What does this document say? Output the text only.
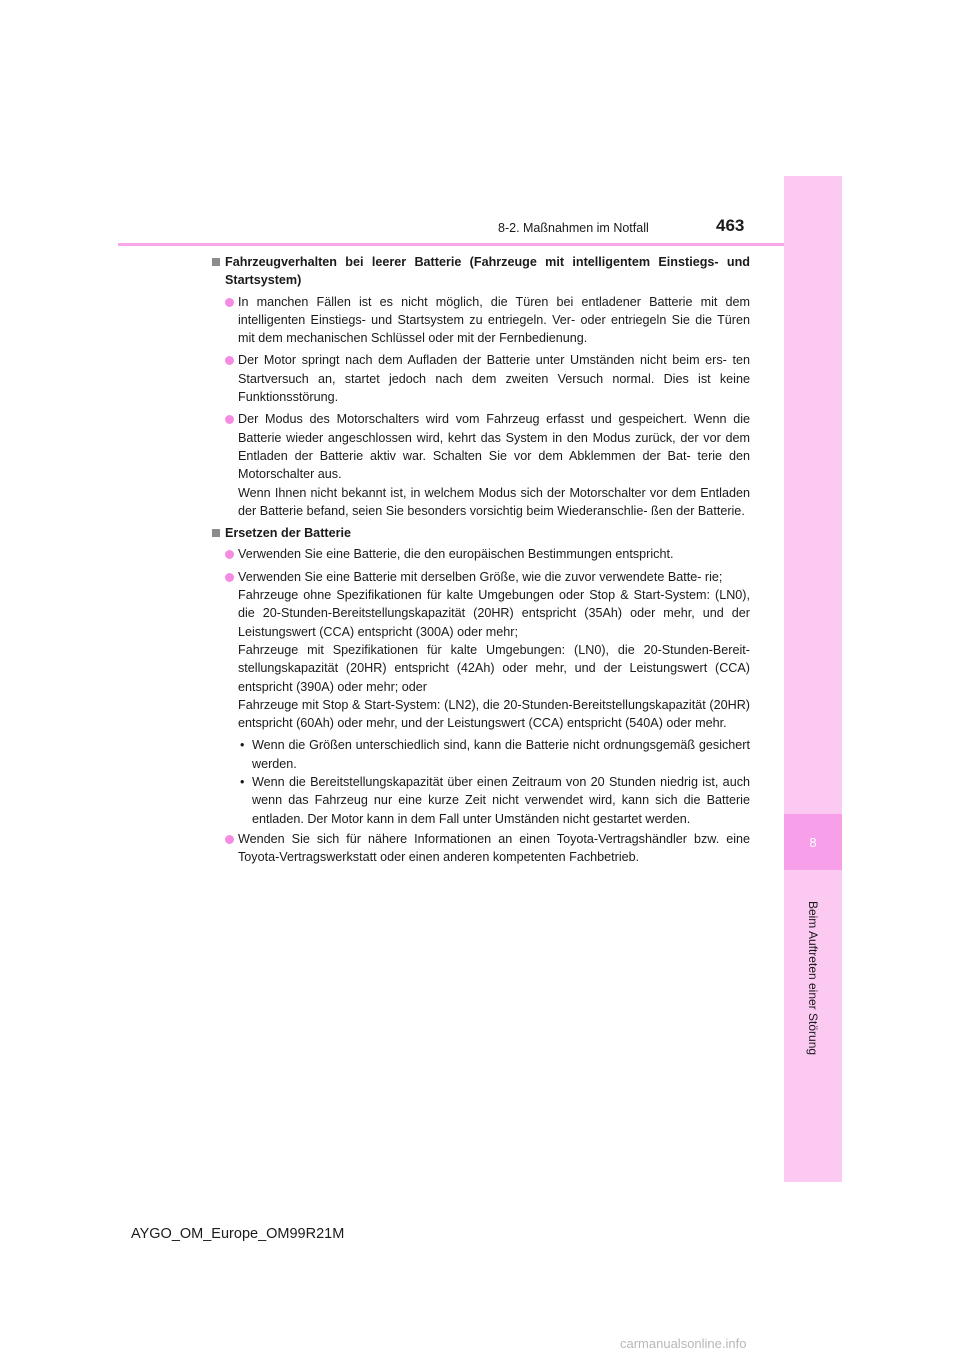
8
Beim Auftreten einer Störung
8-2. Maßnahmen im Notfall	463
Fahrzeugverhalten bei leerer Batterie (Fahrzeuge mit intelligentem Einstiegs- und Startsystem)
In manchen Fällen ist es nicht möglich, die Türen bei entladener Batterie mit dem intelligenten Einstiegs- und Startsystem zu entriegeln. Ver- oder entriegeln Sie die Türen mit dem mechanischen Schlüssel oder mit der Fernbedienung.
Der Motor springt nach dem Aufladen der Batterie unter Umständen nicht beim ers- ten Startversuch an, startet jedoch nach dem zweiten Versuch normal. Dies ist keine Funktionsstörung.
Der Modus des Motorschalters wird vom Fahrzeug erfasst und gespeichert. Wenn die Batterie wieder angeschlossen wird, kehrt das System in den Modus zurück, der vor dem Entladen der Batterie aktiv war. Schalten Sie vor dem Abklemmen der Bat- terie den Motorschalter aus.
Wenn Ihnen nicht bekannt ist, in welchem Modus sich der Motorschalter vor dem Entladen der Batterie befand, seien Sie besonders vorsichtig beim Wiederanschlie- ßen der Batterie.
Ersetzen der Batterie
Verwenden Sie eine Batterie, die den europäischen Bestimmungen entspricht.
Verwenden Sie eine Batterie mit derselben Größe, wie die zuvor verwendete Batte- rie;
Fahrzeuge ohne Spezifikationen für kalte Umgebungen oder Stop & Start-System: (LN0), die 20-Stunden-Bereitstellungskapazität (20HR) entspricht (35Ah) oder mehr, und der Leistungswert (CCA) entspricht (300A) oder mehr;
Fahrzeuge mit Spezifikationen für kalte Umgebungen: (LN0), die 20-Stunden-Bereit- stellungskapazität (20HR) entspricht (42Ah) oder mehr, und der Leistungswert (CCA) entspricht (390A) oder mehr; oder
Fahrzeuge mit Stop & Start-System: (LN2), die 20-Stunden-Bereitstellungskapazität (20HR) entspricht (60Ah) oder mehr, und der Leistungswert (CCA) entspricht (540A) oder mehr.
• Wenn die Größen unterschiedlich sind, kann die Batterie nicht ordnungsgemäß gesichert werden.
• Wenn die Bereitstellungskapazität über einen Zeitraum von 20 Stunden niedrig ist, auch wenn das Fahrzeug nur eine kurze Zeit nicht verwendet wird, kann sich die Batterie entladen. Der Motor kann in dem Fall unter Umständen nicht gestartet werden.
Wenden Sie sich für nähere Informationen an einen Toyota-Vertragshändler bzw. eine Toyota-Vertragswerkstatt oder einen anderen kompetenten Fachbetrieb.
AYGO_OM_Europe_OM99R21M
carmanualsonline.info
